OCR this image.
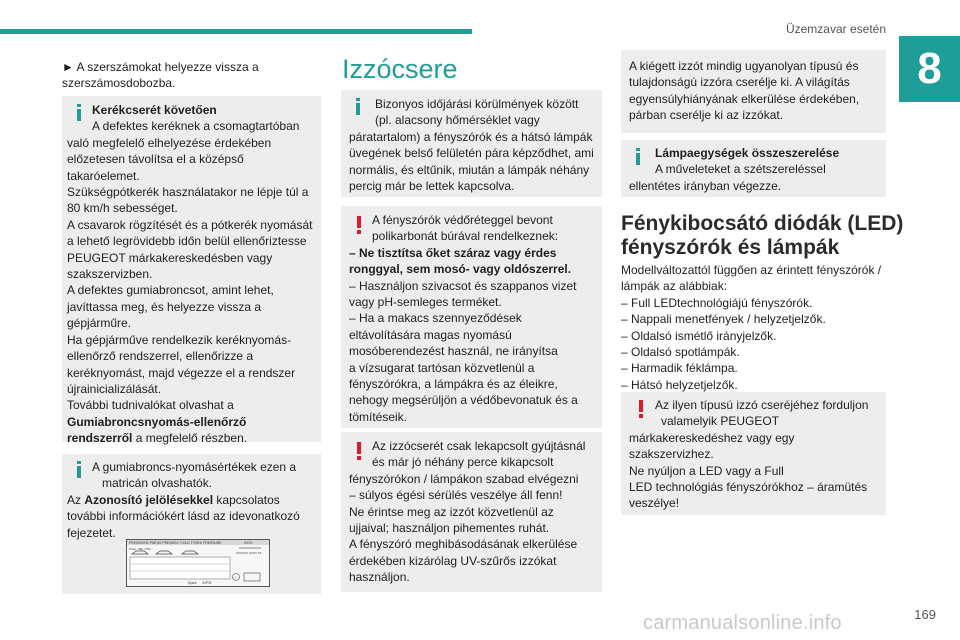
Üzemzavar esetén
8
► A szerszámokat helyezze vissza a
szerszámosdobozba.
Kerékcserét követően
A defektes keréknek a csomagtartóban
való megfelelő elhelyezése érdekében
előzetesen távolítsa el a középső
takaróelemet.
Szükségpótkerék használatakor ne lépje túl a
80 km/h sebességet.
A csavarok rögzítését és a pótkerék nyomását
a lehető legrövidebb időn belül ellenőriztesse
PEUGEOT márkakereskedésben vagy
szakszervizben.
A defektes gumiabroncsot, amint lehet,
javíttassa meg, és helyezze vissza a
gépjárműre.
Ha gépjárműve rendelkezik keréknyomás-
ellenőrző rendszerrel, ellenőrizze a
keréknyomást, majd végezze el a rendszer
újrainicializálását.
További tudnivalókat olvashat a
Gumiabroncsnyomás-ellenőrző
rendszerről a megfelelő részben.
A gumiabroncs-nyomásértékek ezen a
matricán olvashatók.
Az Azonosító jelölésekkel kapcsolatos
további információkért lásd az idevonatkozó
fejezetet.
PRESSIONS PNEUS PRESIÓN / COLD TYRES PRESSURE	XXXX
XXXXXXXXXXX
XXXXXX XXXX XX
Pneu : Bar / PSI
Spare XXPSI
!
Izzócsere
Bizonyos időjárási körülmények között
(pl. alacsony hőmérséklet vagy
páratartalom) a fényszórók és a hátsó lámpák
üvegének belső felületén pára képződhet, ami
normális, és eltűnik, miután a lámpák néhány
percig már be lettek kapcsolva.
A fényszórók védőréteggel bevont
polikarbonát búrával rendelkeznek:
– Ne tisztítsa őket száraz vagy érdes
ronggyal, sem mosó- vagy oldószerrel.
– Használjon szivacsot és szappanos vizet
vagy pH-semleges terméket.
– Ha a makacs szennyeződések
eltávolítására magas nyomású
mosóberendezést használ, ne irányítsa
a vízsugarat tartósan közvetlenül a
fényszórókra, a lámpákra és az éleikre,
nehogy megsérüljön a védőbevonatuk és a
tömítéseik.
Az izzócserét csak lekapcsolt gyújtásnál
és már jó néhány perce kikapcsolt
fényszórókon / lámpákon szabad elvégezni
– súlyos égési sérülés veszélye áll fenn!
Ne érintse meg az izzót közvetlenül az
ujjaival; használjon pihementes ruhát.
A fényszóró meghibásodásának elkerülése
érdekében kizárólag UV-szűrős izzókat
használjon.
A kiégett izzót mindig ugyanolyan típusú és
tulajdonságú izzóra cserélje ki. A világítás
egyensúlyhiányának elkerülése érdekében,
párban cserélje ki az izzókat.
Lámpaegységek összeszerelése
A műveleteket a szétszereléssel
ellentétes irányban végezze.
Fénykibocsátó diódák (LED)
fényszórók és lámpák
Modellváltozattól függően az érintett fényszórók /
lámpák az alábbiak:
– Full LEDtechnológiájú fényszórók.
– Nappali menetfények / helyzetjelzők.
– Oldalsó ismétlő irányjelzők.
– Oldalsó spotlámpák.
– Harmadik féklámpa.
– Hátsó helyzetjelzők.
Az ilyen típusú izzó cseréjéhez forduljon
valamelyik PEUGEOT
márkakereskedéshez vagy egy
szakszervizhez.
Ne nyúljon a LED vagy a Full
LED technológiás fényszórókhoz – áramütés
veszélye!
carmanualsonline.info	169
